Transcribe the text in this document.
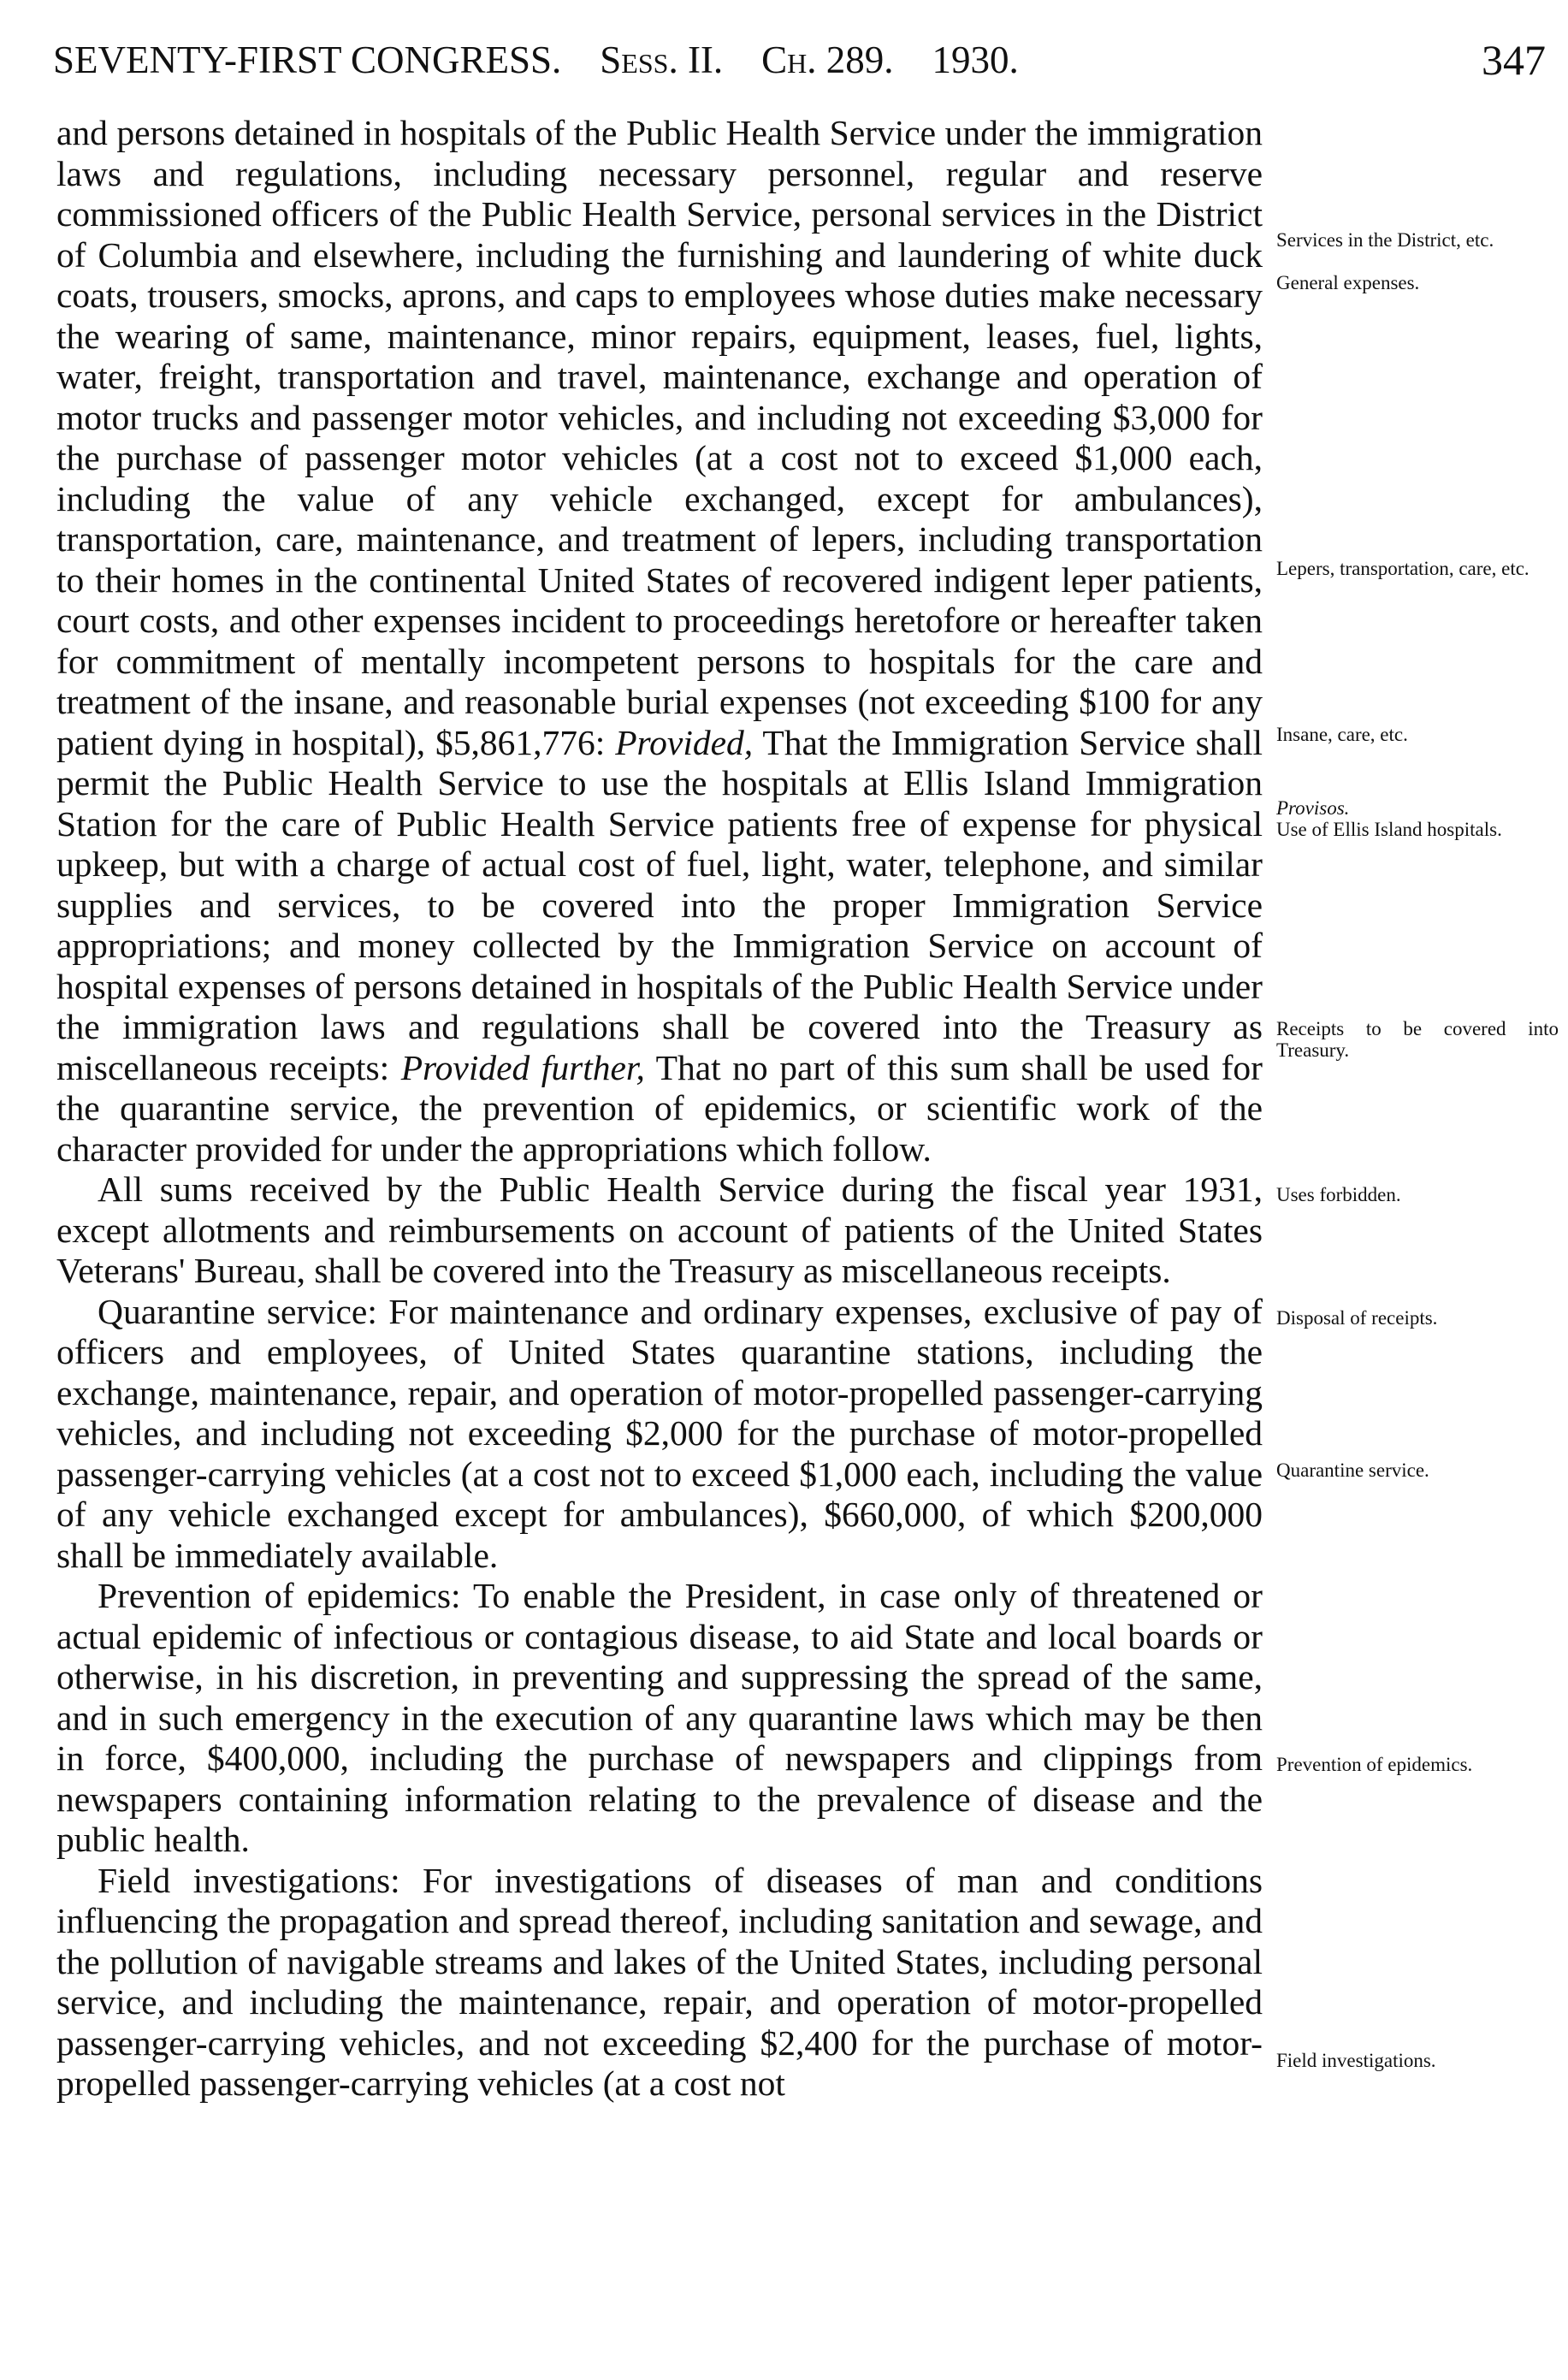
SEVENTY-FIRST CONGRESS. Sess. II. Ch. 289. 1930.	347

and persons detained in hospitals of the Public Health Service under the immigration laws and regulations, including necessary personnel, regular and reserve commissioned officers of the Public Health Service, personal services in the District of Columbia and elsewhere, including the furnishing and laundering of white duck coats, trousers, smocks, aprons, and caps to employees whose duties make necessary the wearing of same, maintenance, minor repairs, equipment, leases, fuel, lights, water, freight, transportation and travel, maintenance, exchange and operation of motor trucks and passenger motor vehicles, and including not exceeding $3,000 for the purchase of passenger motor vehicles (at a cost not to exceed $1,000 each, including the value of any vehicle exchanged, except for ambulances), transportation, care, maintenance, and treatment of lepers, including transportation to their homes in the continental United States of recovered indigent leper patients, court costs, and other expenses incident to proceedings heretofore or hereafter taken for commitment of mentally incompetent persons to hospitals for the care and treatment of the insane, and reasonable burial expenses (not exceeding $100 for any patient dying in hospital), $5,861,776: Provided, That the Immigration Service shall permit the Public Health Service to use the hospitals at Ellis Island Immigration Station for the care of Public Health Service patients free of expense for physical upkeep, but with a charge of actual cost of fuel, light, water, telephone, and similar supplies and services, to be covered into the proper Immigration Service appropriations; and money collected by the Immigration Service on account of hospital expenses of persons detained in hospitals of the Public Health Service under the immigration laws and regulations shall be covered into the Treasury as miscellaneous receipts: Provided further, That no part of this sum shall be used for the quarantine service, the prevention of epidemics, or scientific work of the character provided for under the appropriations which follow.

All sums received by the Public Health Service during the fiscal year 1931, except allotments and reimbursements on account of patients of the United States Veterans' Bureau, shall be covered into the Treasury as miscellaneous receipts.

Quarantine service: For maintenance and ordinary expenses, exclusive of pay of officers and employees, of United States quarantine stations, including the exchange, maintenance, repair, and operation of motor-propelled passenger-carrying vehicles, and including not exceeding $2,000 for the purchase of motor-propelled passenger-carrying vehicles (at a cost not to exceed $1,000 each, including the value of any vehicle exchanged except for ambulances), $660,000, of which $200,000 shall be immediately available.

Prevention of epidemics: To enable the President, in case only of threatened or actual epidemic of infectious or contagious disease, to aid State and local boards or otherwise, in his discretion, in preventing and suppressing the spread of the same, and in such emergency in the execution of any quarantine laws which may be then in force, $400,000, including the purchase of newspapers and clippings from newspapers containing information relating to the prevalence of disease and the public health.

Field investigations: For investigations of diseases of man and conditions influencing the propagation and spread thereof, including sanitation and sewage, and the pollution of navigable streams and lakes of the United States, including personal service, and including the maintenance, repair, and operation of motor-propelled passenger-carrying vehicles, and not exceeding $2,400 for the purchase of motor-propelled passenger-carrying vehicles (at a cost not

Services in the District, etc.
General expenses.
Lepers, transportation, care, etc.
Insane, care, etc.
Provisos.
Use of Ellis Island hospitals.
Receipts to be covered into Treasury.
Uses forbidden.
Disposal of receipts.
Quarantine service.
Prevention of epidemics.
Field investigations.
